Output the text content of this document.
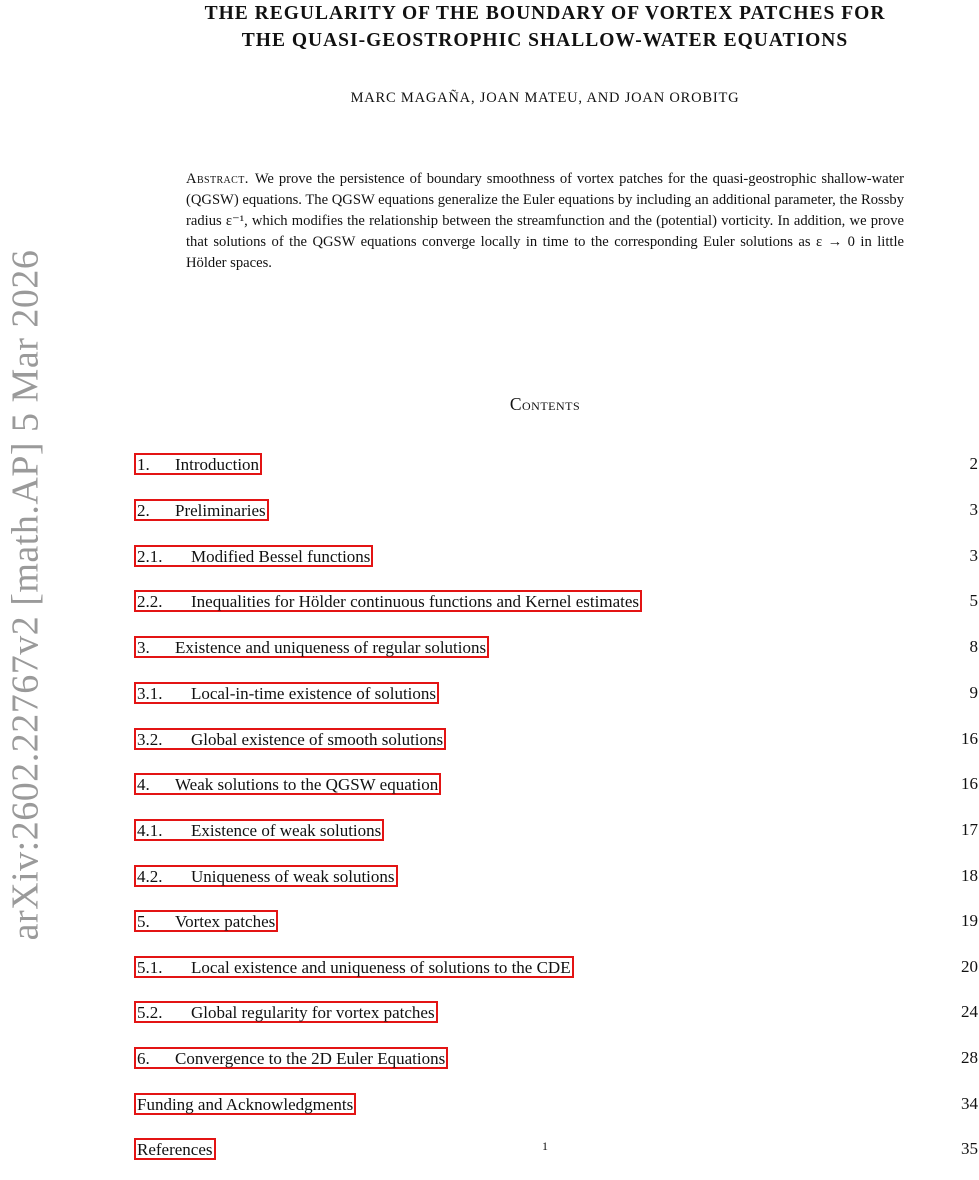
arXiv:2602.22767v2 [math.AP] 5 Mar 2026
THE REGULARITY OF THE BOUNDARY OF VORTEX PATCHES FOR
THE QUASI-GEOSTROPHIC SHALLOW-WATER EQUATIONS
MARC MAGAÑA, JOAN MATEU, AND JOAN OROBITG
Abstract. We prove the persistence of boundary smoothness of vortex patches for the quasi-geostrophic shallow-water (QGSW) equations. The QGSW equations generalize the Euler equations by including an additional parameter, the Rossby radius ε⁻¹, which modifies the relationship between the streamfunction and the (potential) vorticity. In addition, we prove that solutions of the QGSW equations converge locally in time to the corresponding Euler solutions as ε → 0 in little Hölder spaces.
Contents
1. Introduction	2
2. Preliminaries	3
2.1. Modified Bessel functions	3
2.2. Inequalities for Hölder continuous functions and Kernel estimates	5
3. Existence and uniqueness of regular solutions	8
3.1. Local-in-time existence of solutions	9
3.2. Global existence of smooth solutions	16
4. Weak solutions to the QGSW equation	16
4.1. Existence of weak solutions	17
4.2. Uniqueness of weak solutions	18
5. Vortex patches	19
5.1. Local existence and uniqueness of solutions to the CDE	20
5.2. Global regularity for vortex patches	24
6. Convergence to the 2D Euler Equations	28
Funding and Acknowledgments	34
References	35
1
